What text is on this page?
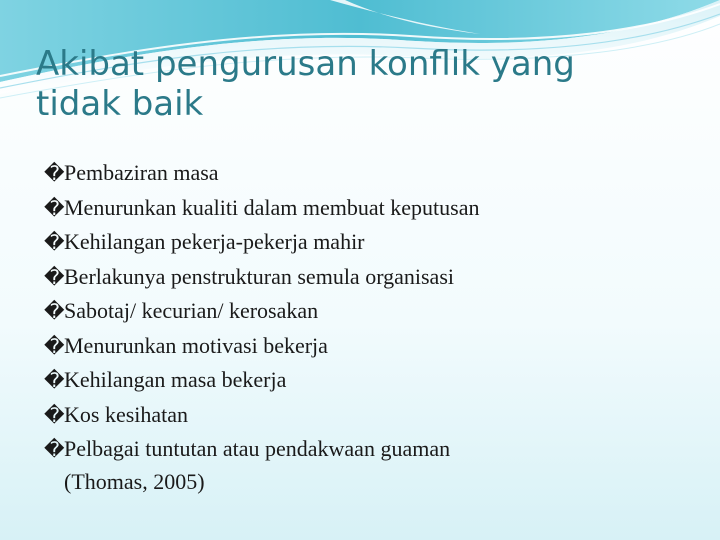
Akibat pengurusan konflik yang
tidak baik
� Pembaziran masa
� Menurunkan kualiti dalam membuat keputusan
� Kehilangan pekerja-pekerja mahir
� Berlakunya penstrukturan semula organisasi
� Sabotaj/ kecurian/ kerosakan
� Menurunkan motivasi bekerja
� Kehilangan masa bekerja
� Kos kesihatan
� Pelbagai tuntutan atau pendakwaan guaman
(Thomas, 2005)
